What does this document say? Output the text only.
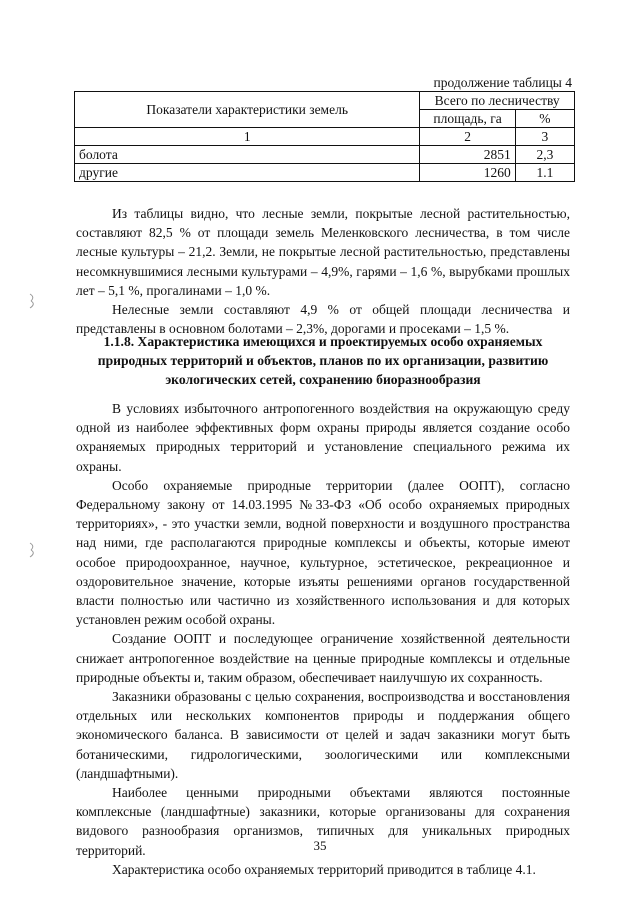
продолжение таблицы 4
Показатели характеристики земель	Всего по лесничеству	
	площадь, га	%
1	2	3
болота	2851	2,3
другие	1260	1.1

Из таблицы видно, что лесные земли, покрытые лесной растительностью, составляют 82,5 % от площади земель Меленковского лесничества, в том числе лесные культуры – 21,2. Земли, не покрытые лесной растительностью, представлены несомкнувшимися лесными культурами – 4,9%, гарями – 1,6 %, вырубками прошлых лет – 5,1 %, прогалинами – 1,0 %.

Нелесные земли составляют 4,9 % от общей площади лесничества и представлены в основном болотами – 2,3%, дорогами и просеками – 1,5 %.

1.1.8. Характеристика имеющихся и проектируемых особо охраняемых природных территорий и объектов, планов по их организации, развитию экологических сетей, сохранению биоразнообразия

В условиях избыточного антропогенного воздействия на окружающую среду одной из наиболее эффективных форм охраны природы является создание особо охраняемых природных территорий и установление специального режима их охраны.

Особо охраняемые природные территории (далее ООПТ), согласно Федеральному закону от 14.03.1995 №33-ФЗ «Об особо охраняемых природных территориях», - это участки земли, водной поверхности и воздушного пространства над ними, где располагаются природные комплексы и объекты, которые имеют особое природоохранное, научное, культурное, эстетическое, рекреационное и оздоровительное значение, которые изъяты решениями органов государственной власти полностью или частично из хозяйственного использования и для которых установлен режим особой охраны.

Создание ООПТ и последующее ограничение хозяйственной деятельности снижает антропогенное воздействие на ценные природные комплексы и отдельные природные объекты и, таким образом, обеспечивает наилучшую их сохранность.

Заказники образованы с целью сохранения, воспроизводства и восстановления отдельных или нескольких компонентов природы и поддержания общего экономического баланса. В зависимости от целей и задач заказники могут быть ботаническими, гидрологическими, зоологическими или комплексными (ландшафтными).

Наиболее ценными природными объектами являются постоянные комплексные (ландшафтные) заказники, которые организованы для сохранения видового разнообразия организмов, типичных для уникальных природных территорий.

Характеристика особо охраняемых территорий приводится в таблице 4.1.

35
